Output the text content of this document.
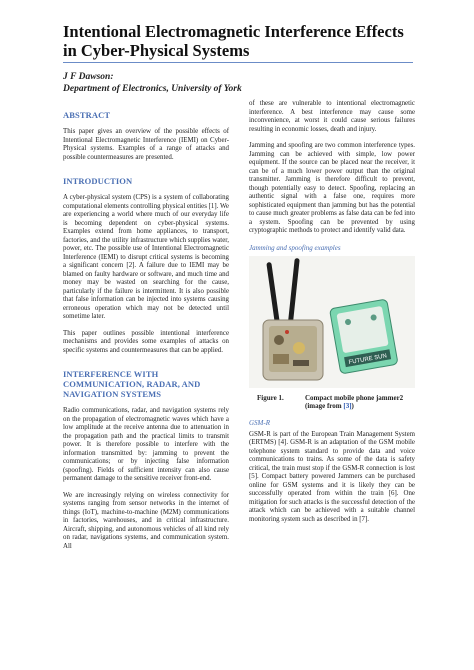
Intentional Electromagnetic Interference Effects in Cyber-Physical Systems
J F Dawson:
Department of Electronics, University of York
ABSTRACT

This paper gives an overview of the possible effects of Intentional Electromagnetic Interference (IEMI) on Cyber-Physical systems. Examples of a range of attacks and possible countermeasures are presented.

INTRODUCTION

A cyber-physical system (CPS) is a system of collaborating computational elements controlling physical entities [1]. We are experiencing a world where much of our everyday life is becoming dependent on cyber-physical systems. Examples extend from home appliances, to transport, factories, and the utility infrastructure which supplies water, power, etc. The possible use of Intentional Electromagnetic Interference (IEMI) to disrupt critical systems is becoming a significant concern [2]. A failure due to IEMI may be blamed on faulty hardware or software, and much time and money may be wasted on searching for the cause, particularly if the failure is intermittent. It is also possible that false information can be injected into systems causing erroneous operation which may not be detected until sometime later.

This paper outlines possible intentional interference mechanisms and provides some examples of attacks on specific systems and countermeasures that can be applied.

INTERFERENCE WITH COMMUNICATION, RADAR, AND NAVIGATION SYSTEMS

Radio communications, radar, and navigation systems rely on the propagation of electromagnetic waves which have a low amplitude at the receive antenna due to attenuation in the propagation path and the practical limits to transmit power. It is therefore possible to interfere with the information transmitted by: jamming to prevent the communications; or by injecting false information (spoofing). Fields of sufficient intensity can also cause permanent damage to the sensitive receiver front-end.

We are increasingly relying on wireless connectivity for systems ranging from sensor networks in the internet of things (IoT), machine-to-machine (M2M) communications in factories, warehouses, and in critical infrastructure. Aircraft, shipping, and autonomous vehicles of all kind rely on radar, navigations systems, and communication system. All

of these are vulnerable to intentional electromagnetic interference. A best interference may cause some inconvenience, at worst it could cause serious failures resulting in economic losses, death and injury.

Jamming and spoofing are two common interference types. Jamming can be achieved with simple, low power equipment. If the source can be placed near the receiver, it can be of a much lower power output than the original transmitter. Jamming is therefore difficult to prevent, though potentially easy to detect. Spoofing, replacing an authentic signal with a false one, requires more sophisticated equipment than jamming but has the potential to cause much greater problems as false data can be fed into a system. Spoofing can be prevented by using cryptographic methods to protect and identify valid data.

Jamming and spoofing examples
FUTURE SUN
Figure 1.	Compact mobile phone jammer2 (image from [3])
GSM-R

GSM-R is part of the European Train Management System (ERTMS) [4]. GSM-R is an adaptation of the GSM mobile telephone system standard to provide data and voice communications to trains. As some of the data is safety critical, the train must stop if the GSM-R connection is lost [5]. Compact battery powered Jammers can be purchased online for GSM systems and it is likely they can be successfully operated from within the train [6]. One mitigation for such attacks is the successful detection of the attack which can be achieved with a suitable channel monitoring system such as described in [7].
